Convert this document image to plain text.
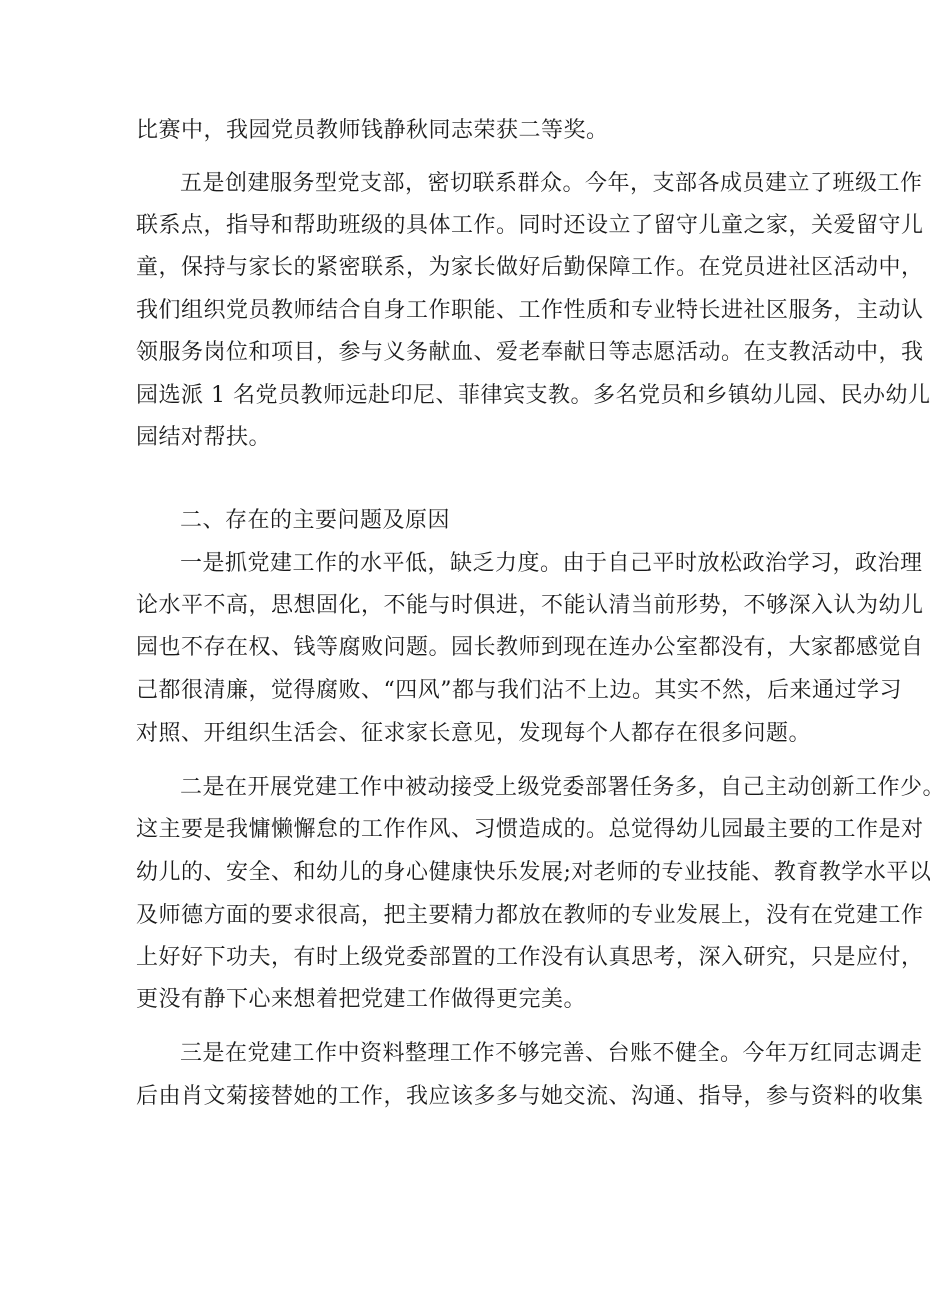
比赛中，我园党员教师钱静秋同志荣获二等奖。
五是创建服务型党支部，密切联系群众。今年，支部各成员建立了班级工作
联系点，指导和帮助班级的具体工作。同时还设立了留守儿童之家，关爱留守儿
童，保持与家长的紧密联系，为家长做好后勤保障工作。在党员进社区活动中，
我们组织党员教师结合自身工作职能、工作性质和专业特长进社区服务，主动认
领服务岗位和项目，参与义务献血、爱老奉献日等志愿活动。在支教活动中，我
园选派 1 名党员教师远赴印尼、菲律宾支教。多名党员和乡镇幼儿园、民办幼儿
园结对帮扶。
二、存在的主要问题及原因
一是抓党建工作的水平低，缺乏力度。由于自己平时放松政治学习，政治理
论水平不高，思想固化，不能与时俱进，不能认清当前形势，不够深入认为幼儿
园也不存在权、钱等腐败问题。园长教师到现在连办公室都没有，大家都感觉自
己都很清廉，觉得腐败、“四风”都与我们沾不上边。其实不然，后来通过学习
对照、开组织生活会、征求家长意见，发现每个人都存在很多问题。
二是在开展党建工作中被动接受上级党委部署任务多，自己主动创新工作少。
这主要是我慵懒懈怠的工作作风、习惯造成的。总觉得幼儿园最主要的工作是对
幼儿的、安全、和幼儿的身心健康快乐发展;对老师的专业技能、教育教学水平以
及师德方面的要求很高，把主要精力都放在教师的专业发展上，没有在党建工作
上好好下功夫，有时上级党委部置的工作没有认真思考，深入研究，只是应付，
更没有静下心来想着把党建工作做得更完美。
三是在党建工作中资料整理工作不够完善、台账不健全。今年万红同志调走
后由肖文菊接替她的工作，我应该多多与她交流、沟通、指导，参与资料的收集
